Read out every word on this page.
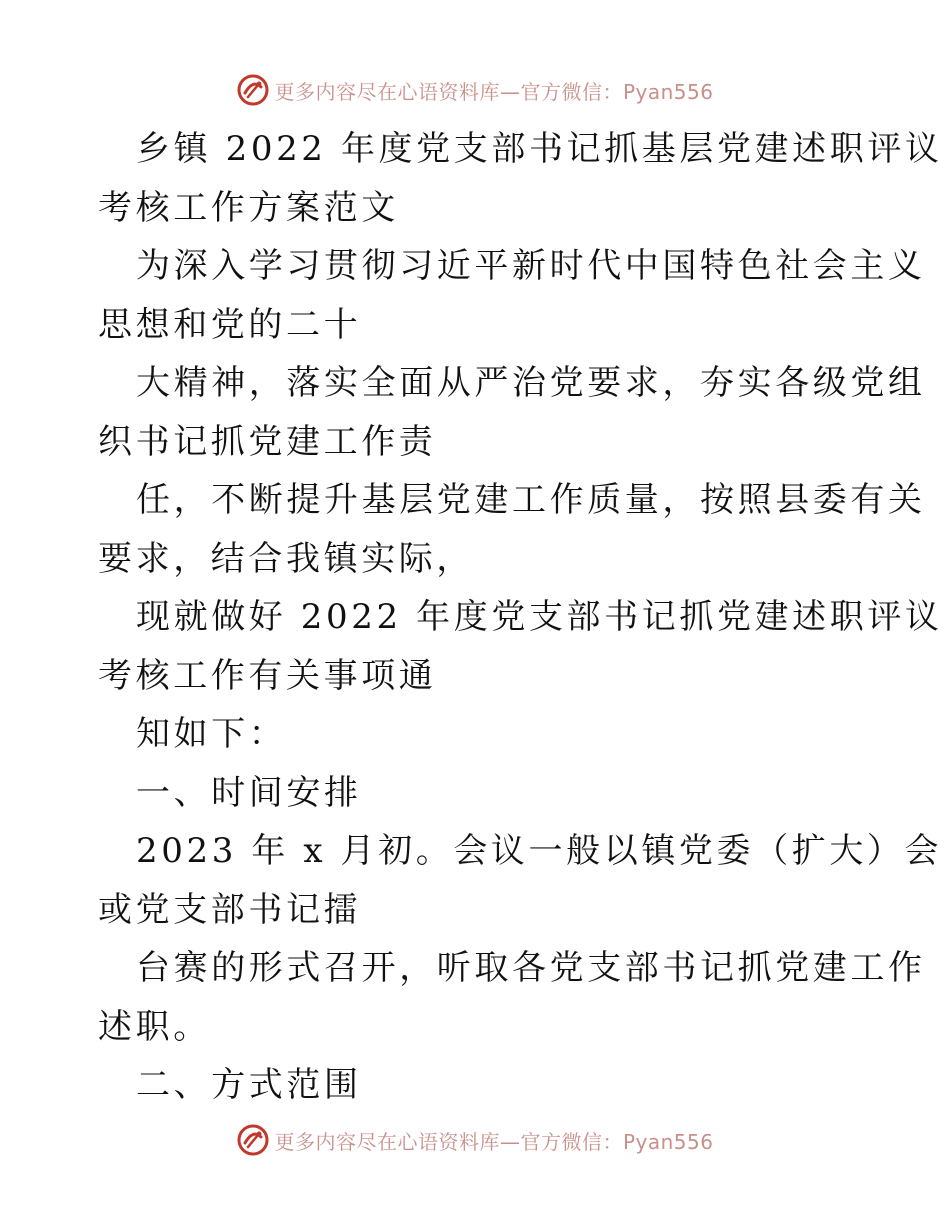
更多内容尽在心语资料库—官方微信：Pyan556
乡镇 2022 年度党支部书记抓基层党建述职评议
考核工作方案范文
为深入学习贯彻习近平新时代中国特色社会主义
思想和党的二十
大精神，落实全面从严治党要求，夯实各级党组
织书记抓党建工作责
任，不断提升基层党建工作质量，按照县委有关
要求，结合我镇实际，
现就做好 2022 年度党支部书记抓党建述职评议
考核工作有关事项通
知如下：
一、时间安排
2023 年 x 月初。会议一般以镇党委（扩大）会
或党支部书记擂
台赛的形式召开，听取各党支部书记抓党建工作
述职。
二、方式范围
更多内容尽在心语资料库—官方微信：Pyan556
